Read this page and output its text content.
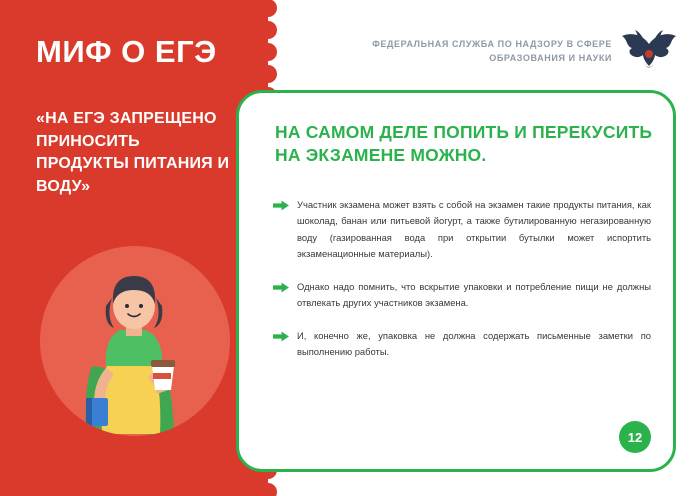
МИФ О ЕГЭ
«НА ЕГЭ ЗАПРЕЩЕНО ПРИНОСИТЬ ПРОДУКТЫ ПИТАНИЯ И ВОДУ»
ФЕДЕРАЛЬНАЯ СЛУЖБА ПО НАДЗОРУ В СФЕРЕ ОБРАЗОВАНИЯ И НАУКИ
НА САМОМ ДЕЛЕ ПОПИТЬ И ПЕРЕКУСИТЬ НА ЭКЗАМЕНЕ МОЖНО.
Участник экзамена может взять с собой на экзамен такие продукты питания, как шоколад, банан или питьевой йогурт, а также бутилированную негазированную воду (газированная вода при открытии бутылки может испортить экзаменационные материалы).
Однако надо помнить, что вскрытие упаковки и потребление пищи не должны отвлекать других участников экзамена.
И, конечно же, упаковка не должна содержать письменные заметки по выполнению работы.
12
